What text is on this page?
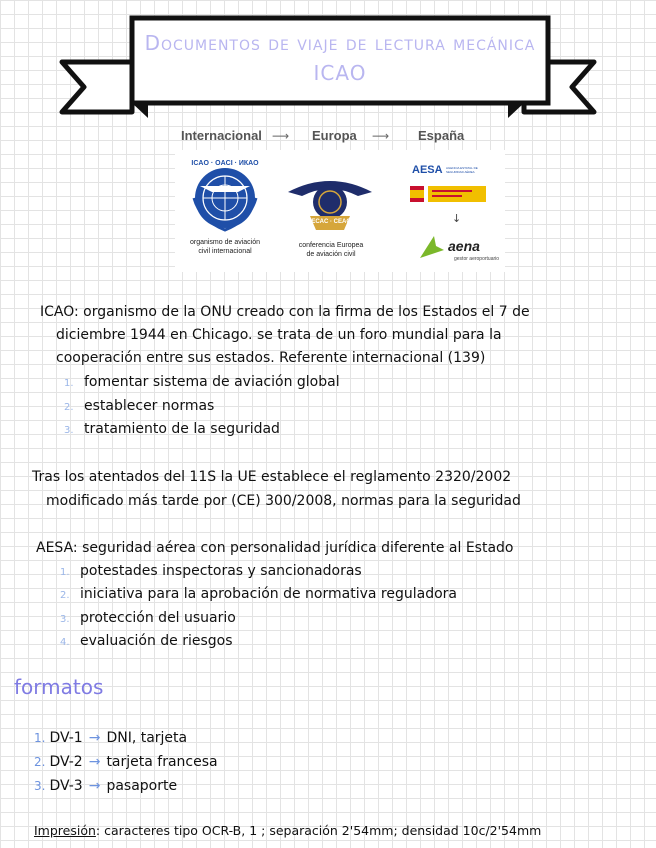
Documentos de viaje de lectura mecánica
ICAO
Internacional ⟶ Europa ⟶ España
ICAO · OACI · ИКАО
organismo de aviación
civil internacional
ECAC · CEAC
conferencia Europea
de aviación civil
AESA AGENCIA ESTATAL DE SEGURIDAD AÉREA
↓
aena
gestor aeroportuario
ICAO: organismo de la ONU creado con la firma de los Estados el 7 de
diciembre 1944 en Chicago. se trata de un foro mundial para la
cooperación entre sus estados. Referente internacional (139)
1. fomentar sistema de aviación global
2. establecer normas
3. tratamiento de la seguridad
Tras los atentados del 11S la UE establece el reglamento 2320/2002
modificado más tarde por (CE) 300/2008, normas para la seguridad
AESA: seguridad aérea con personalidad jurídica diferente al Estado
1. potestades inspectoras y sancionadoras
2. iniciativa para la aprobación de normativa reguladora
3. protección del usuario
4. evaluación de riesgos
formatos
1. DV-1 → DNI, tarjeta
2. DV-2 → tarjeta francesa
3. DV-3 → pasaporte
Impresión: caracteres tipo OCR-B, 1 ; separación 2'54mm; densidad 10c/2'54mm
